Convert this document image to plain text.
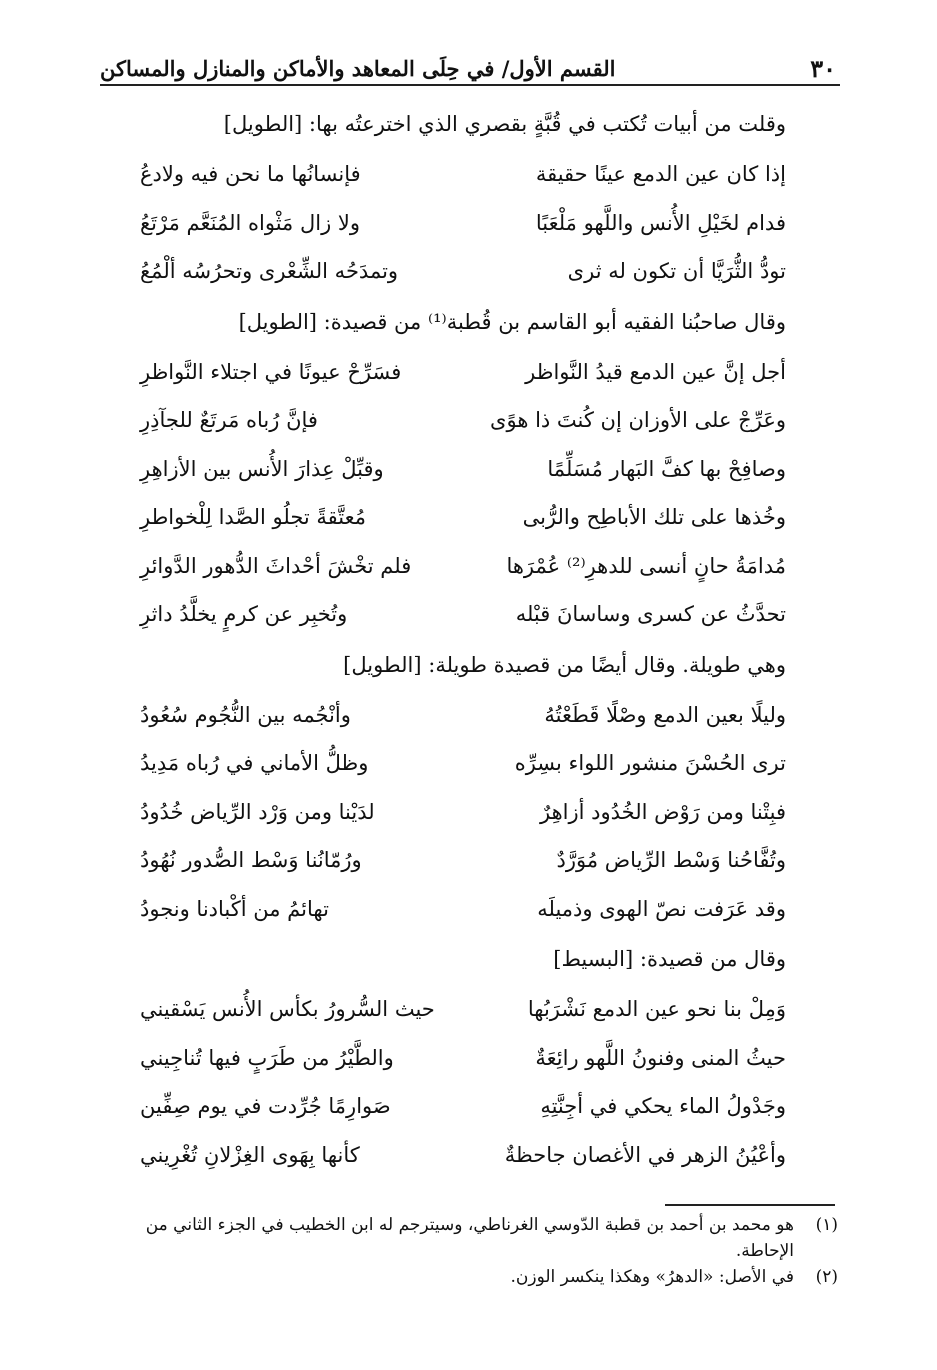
٣٠
القسم الأول/ في حِلَى المعاهد والأماكن والمنازل والمساكن
وقلت من أبيات تُكتب في قُبَّةٍ بقصري الذي اخترعتُه بها: [الطويل]
إذا كان عين الدمع عينًا حقيقة
فإنسانُها ما نحن فيه ولادعُ
فدام لخَيْلِ الأُنس واللَّهو مَلْعَبًا
ولا زال مَثْواه المُنَعَّم مَرْتَعُ
تودُّ الثُّرَيَّا أن تكون له ثرى
وتمدَحُه الشِّعْرى وتحرُسُه ألْمُعُ
وقال صاحبُنا الفقيه أبو القاسم بن قُطبة⁽¹⁾ من قصيدة: [الطويل]
أجل إنَّ عين الدمع قيدُ النَّواظر
فسَرِّحْ عيونًا في اجتلاء النَّواظرِ
وعَرِّجْ على الأوزان إن كُنتَ ذا هوًى
فإنَّ رُباه مَرتَعٌ للجآذِرِ
وصافِحْ بها كفَّ البَهار مُسَلِّمًا
وقبِّلْ عِذارَ الأُنس بين الأزاهِرِ
وخُذها على تلك الأباطِح والرُّبى
مُعتَّقةً تجلُو الصَّدا لِلْخواطرِ
مُدامَةُ حانٍ أنسى للدهرِ⁽²⁾ عُمْرَها
فلم تخْشَ أحْداثَ الدُّهور الدَّوائرِ
تحدَّثُ عن كسرى وساسانَ قبْله
وتُخبِر عن كرمٍ يخلَّدُ داثرِ
وهي طويلة. وقال أيضًا من قصيدة طويلة: [الطويل]
وليلًا بعين الدمع وصْلًا قَطَعْتُهُ
وأنْجُمه بين النُّجُوم سُعُودُ
ترى الحُسْنَ منشور اللواء بسِرِّه
وظلُّ الأماني في رُباه مَدِيدُ
فبِتْنا ومن رَوْض الخُدُود أزاهِرٌ
لدَيْنا ومن وَرْد الرِّياض خُدُودُ
وتُفَّاحُنا وَسْط الرِّياض مُوَرَّدٌ
ورُمّانُنا وَسْط الصُّدور نُهُودُ
وقد عَرَفت نصّ الهوى وذميلَه
تهائمُ من أكْبادنا ونجودُ
وقال من قصيدة: [البسيط]
وَمِلْ بنا نحو عين الدمع نَشْرَبُها
حيث السُّرورُ بكأس الأُنس يَسْقيني
حيثُ المنى وفنونُ اللَّهو رائِعَةٌ
والطَّيْرُ من طَرَبٍ فيها تُناجِيني
وجَدْولُ الماء يحكي في أجِنَّتِهِ
صَوارِمًا جُرِّدت في يوم صِفِّين
وأعْيُنُ الزهر في الأغصان جاحظةٌ
كأنها بِهَوى الغِزْلانِ تُغْرِيني
(١)
هو محمد بن أحمد بن قطبة الدّوسي الغرناطي، وسيترجم له ابن الخطيب في الجزء الثاني من
الإحاطة.
(٢)
في الأصل: «الدهرُ» وهكذا ينكسر الوزن.
